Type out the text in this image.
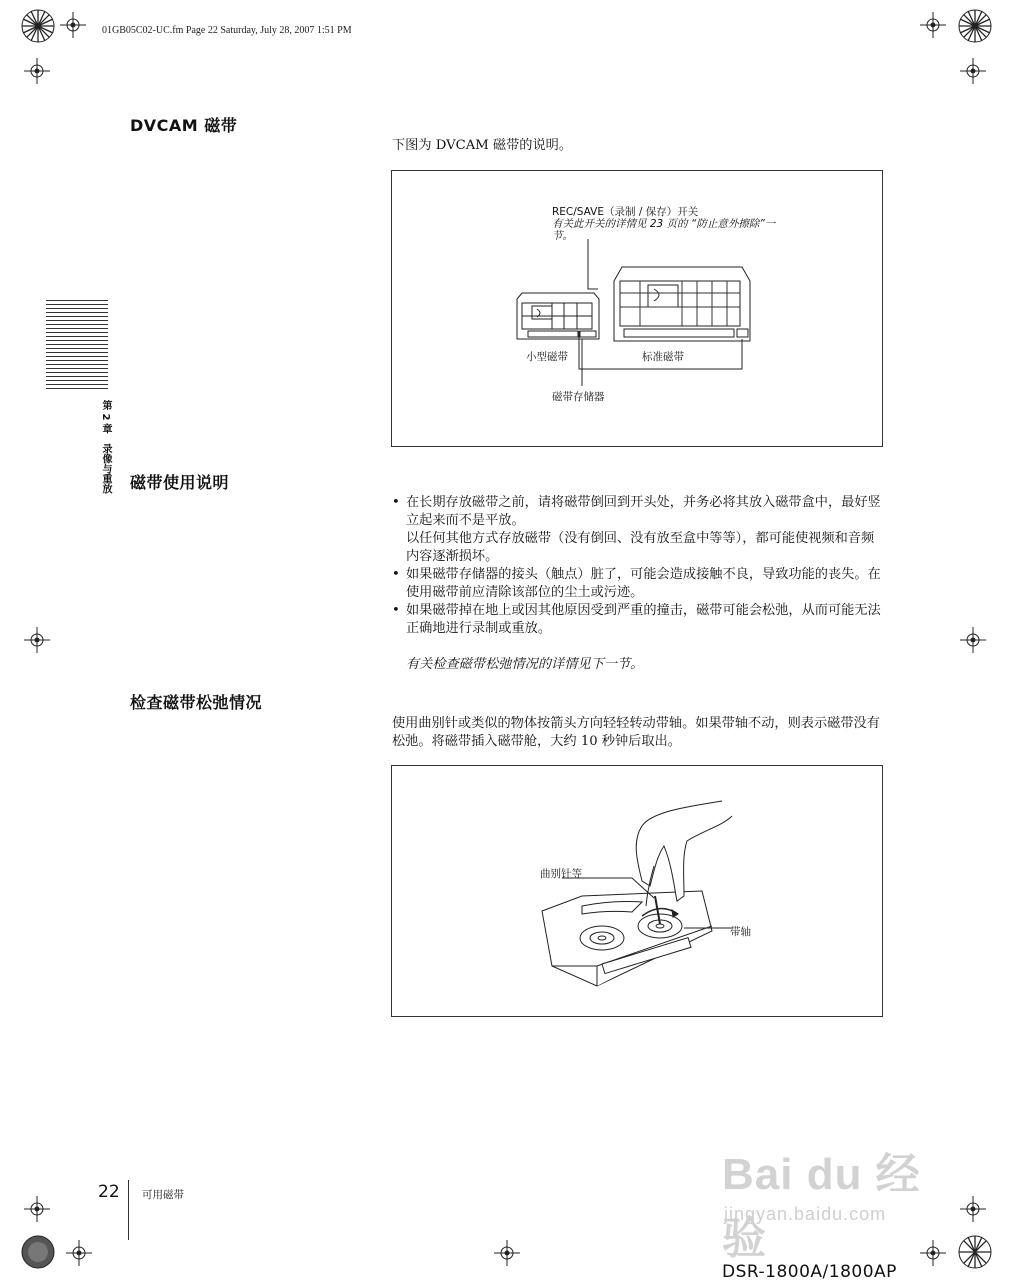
01GB05C02-UC.fm Page 22 Saturday, July 28, 2007 1:51 PM
第 2 章　录像与重放
DVCAM 磁带
下图为 DVCAM 磁带的说明。
REC/SAVE（录制 / 保存）开关
有关此开关的详情见 23 页的 “防止意外擦除”一
节。
小型磁带	标准磁带
磁带存储器
磁带使用说明
• 在长期存放磁带之前，请将磁带倒回到开头处，并务必将其放入磁带盒中，最好竖立起来而不是平放。
以任何其他方式存放磁带（没有倒回、没有放至盒中等等），都可能使视频和音频内容逐渐损坏。
• 如果磁带存储器的接头（触点）脏了，可能会造成接触不良，导致功能的丧失。在使用磁带前应清除该部位的尘土或污迹。
• 如果磁带掉在地上或因其他原因受到严重的撞击，磁带可能会松弛，从而可能无法正确地进行录制或重放。
有关检查磁带松弛情况的详情见下一节。
检查磁带松弛情况
使用曲别针或类似的物体按箭头方向轻轻转动带轴。如果带轴不动，则表示磁带没有松弛。将磁带插入磁带舱，大约 10 秒钟后取出。
曲别针等
带轴
Bai du 经验
jingyan.baidu.com
22 可用磁带
DSR-1800A/1800AP
